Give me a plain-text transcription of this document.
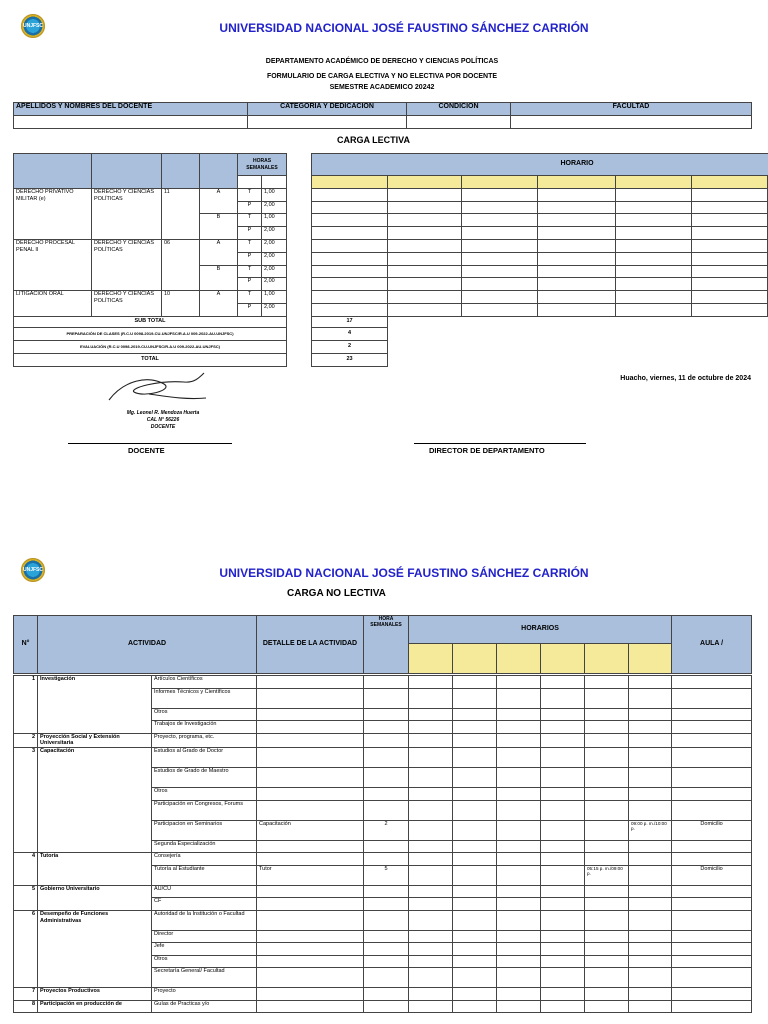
UNJFSC	UNIVERSIDAD NACIONAL JOSÉ FAUSTINO SÁNCHEZ CARRIÓN
DEPARTAMENTO ACADÉMICO DE DERECHO Y CIENCIAS POLÍTICAS
FORMULARIO DE CARGA ELECTIVA Y NO ELECTIVA POR DOCENTE
SEMESTRE ACADEMICO 20242
APELLIDOS Y NOMBRES DEL DOCENTE	CATEGORIA Y DEDICACIÓN	CONDICIÓN	FACULTAD

CARGA LECTIVA
				HORAS SEMANALES			HORARIO						

DERECHO PRIVATIVO MILITAR (e)	DERECHO Y CIENCIAS POLÍTICAS	11	A	T	1,00								
				P	2,00								
			B	T	1,00								
				P	2,00								
DERECHO PROCESAL PENAL II	DERECHO Y CIENCIAS POLÍTICAS	06	A	T	2,00								
				P	2,00								
			B	T	2,00								
				P	2,00								
LITIGACION ORAL	DERECHO Y CIENCIAS POLÍTICAS	10	A	T	1,00								
				P	2,00								
SUB TOTAL							17						
PREPARACIÓN DE CLASES (R.C.U 0098-2019-CU-UNJFSC/R.A.U 009-2022-AU-UNJFSC)							4						
EVALUACIÓN (R.C.U 0098-2019-CU-UNJFSC/R.A.U 009-2022-AU-UNJFSC)							2						
TOTAL							23						
Huacho, viernes, 11 de octubre de 2024
Mg. Leonel R. Mendoza Huerta
CAL N° 56226
DOCENTE
DOCENTE	DIRECTOR DE DEPARTAMENTO
UNJFSC	UNIVERSIDAD NACIONAL JOSÉ FAUSTINO SÁNCHEZ CARRIÓN
CARGA NO LECTIVA
N°	ACTIVIDAD		DETALLE DE LA ACTIVIDAD	HORA SEMANALES	HORARIOS						AULA /

1	Investigación	Artículos Científicos									
		Informes Técnicos y Científicos									
		Otros									
		Trabajos de Investigación									
2	Proyección Social y Extensión Universitaria	Proyecto, programa, etc.									
3	Capacitación	Estudios al Grado de Doctor									
		Estudios de Grado de Maestro									
		Otros									
		Participación en Congresos, Forums									
		Participacion en Seminarios	Capacitación	2						09:00 p. m./10:00 p.	Domicilio
		Segunda Especialización									
4	Tutoría	Consejería									
		Tutoría al Estudiante	Tutor	5					05:15 p. m./09:00 p.		Domicilio
5	Gobierno Universitario	AU/CU									
		CF									
6	Desempeño de Funciones Administrativas	Autoridad de la Institución o Facultad									
		Director									
		Jefe									
		Otros									
		Secretaría General/ Facultad									
7	Proyectos Productivos	Proyecto									
8	Participación en producción de	Guías de Practicas y/o									
